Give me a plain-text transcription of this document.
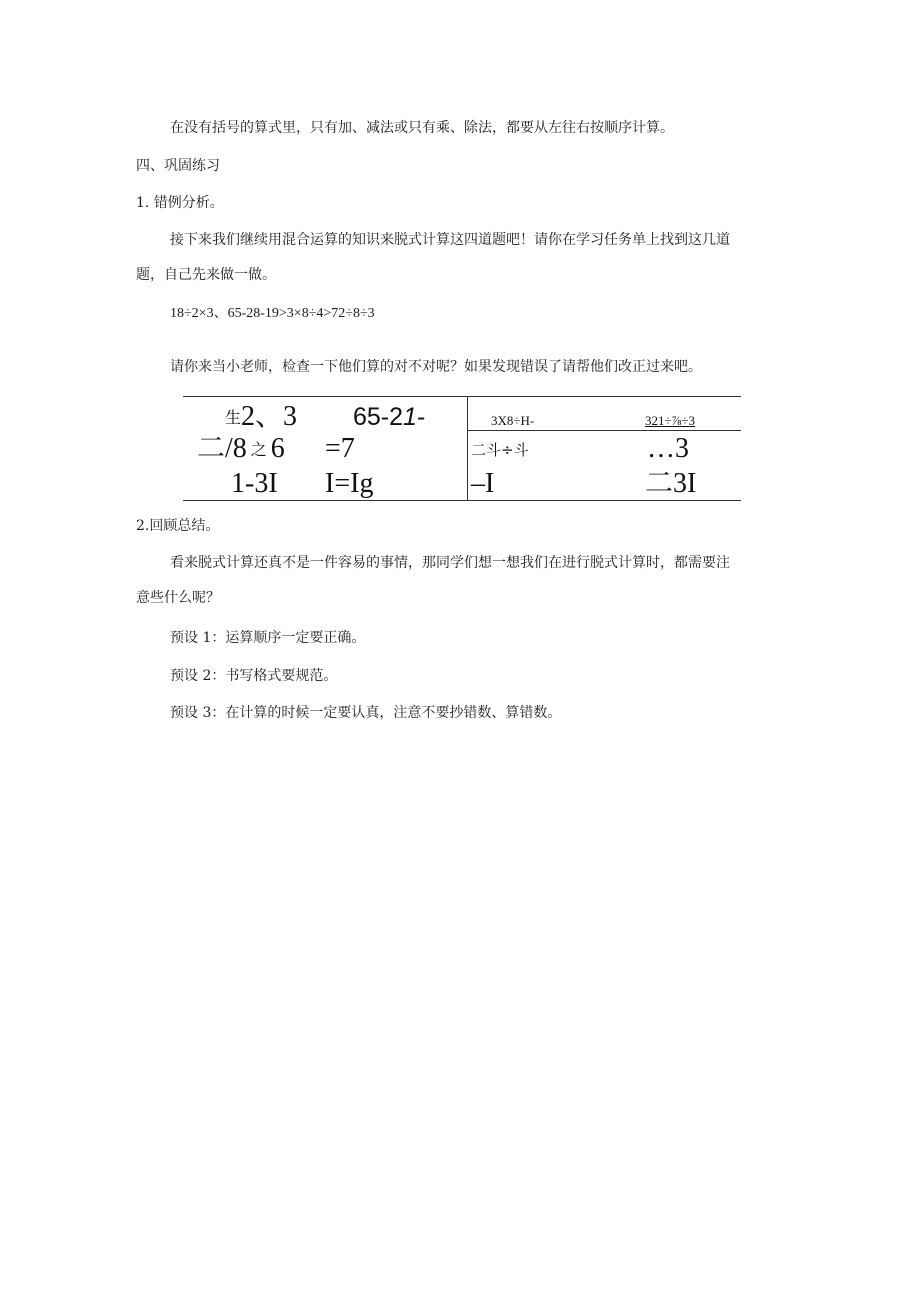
在没有括号的算式里，只有加、减法或只有乘、除法，都要从左往右按顺序计算。
四、巩固练习
1. 错例分析。
接下来我们继续用混合运算的知识来脱式计算这四道题吧！请你在学习任务单上找到这几道
题，自己先来做一做。
18÷2×3、65-28-19>3×8÷4>72÷8÷3
请你来当小老师，检查一下他们算的对不对呢？如果发现错误了请帮他们改正过来吧。
生2、3
二/8 之 6
1-3I
65-21-
=7
I=Ig
3X8÷H-
二斗÷斗
–I
321÷⅞÷3
…3
二3I
2.回顾总结。
看来脱式计算还真不是一件容易的事情，那同学们想一想我们在进行脱式计算时，都需要注
意些什么呢？
预设 1：运算顺序一定要正确。
预设 2：书写格式要规范。
预设 3：在计算的时候一定要认真，注意不要抄错数、算错数。
